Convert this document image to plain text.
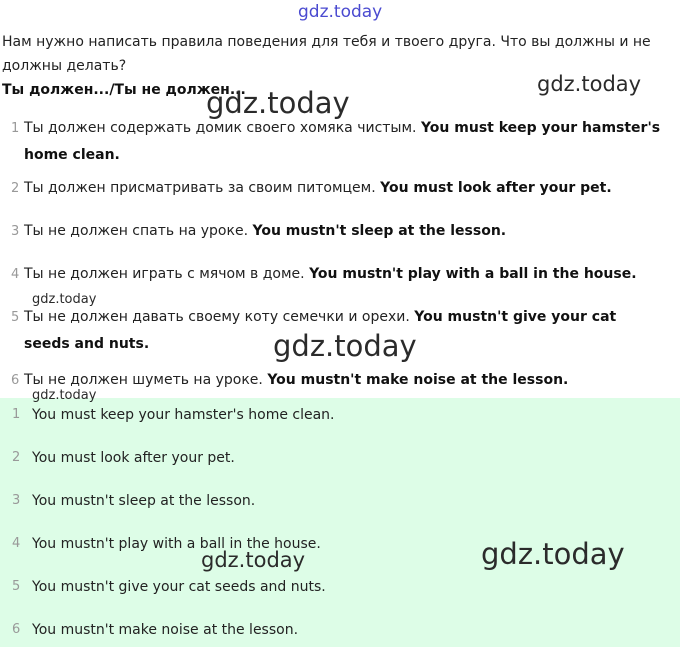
Нам нужно написать правила поведения для тебя и твоего друга. Что вы должны и не должны делать?
Ты должен.../Ты не должен...
1 Ты должен содержать домик своего хомяка чистым. You must keep your hamster's home clean.
2 Ты должен присматривать за своим питомцем. You must look after your pet.
3 Ты не должен спать на уроке. You mustn't sleep at the lesson.
4 Ты не должен играть с мячом в доме. You mustn't play with a ball in the house.
5 Ты не должен давать своему коту семечки и орехи. You mustn't give your cat seeds and nuts.
6 Ты не должен шуметь на уроке. You mustn't make noise at the lesson.
1 You must keep your hamster's home clean.
2 You must look after your pet.
3 You mustn't sleep at the lesson.
4 You mustn't play with a ball in the house.
5 You mustn't give your cat seeds and nuts.
6 You mustn't make noise at the lesson.
gdz.today
gdz.today
gdz.today
gdz.today
gdz.today
gdz.today
gdz.today	gdz.today
